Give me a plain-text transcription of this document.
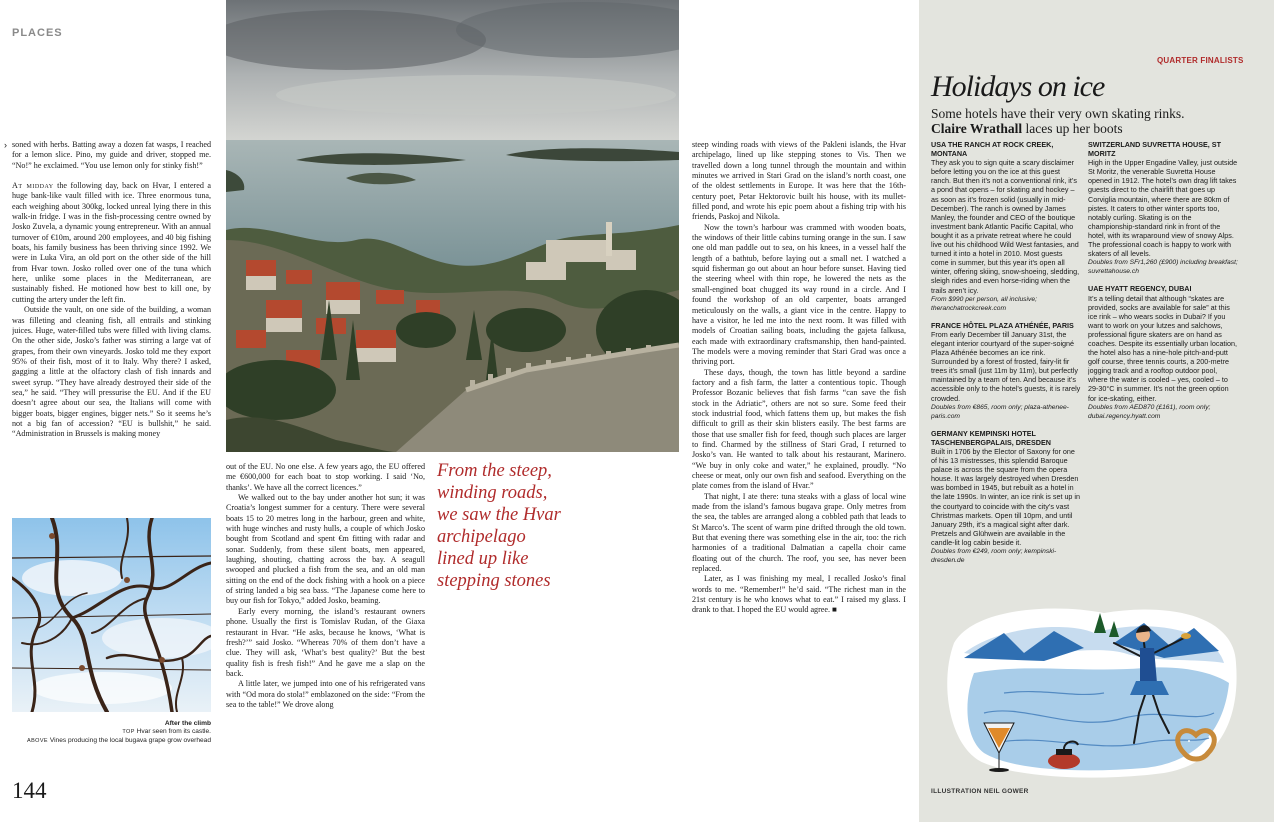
PLACES
› soned with herbs. Batting away a dozen fat wasps, I reached for a lemon slice. Pino, my guide and driver, stopped me. “No!” he exclaimed. “You use lemon only for stinky fish!”

At midday the following day, back on Hvar, I entered a huge bank-like vault filled with ice. Three enormous tuna, each weighing about 300kg, locked unreal lying there in this walk-in fridge. I was in the fish-processing centre owned by Josko Zuvela, a dynamic young entrepreneur. With an annual turnover of €10m, around 200 employees, and 40 big fishing boats, his family business has been thriving since 1992. We were in Luka Vira, an old port on the other side of the hill from Hvar town. Josko rolled over one of the tuna which here, unlike some places in the Mediterranean, are sustainably fished. He motioned how best to kill one, by cutting the artery under the left fin.

Outside the vault, on one side of the building, a woman was filleting and cleaning fish, all entrails and stinking juices. Huge, water-filled tubs were filled with living clams. On the other side, Josko’s father was stirring a large vat of grapes, from their own vineyards. Josko told me they export 95% of their fish, most of it to Italy. Why there? I asked, gagging a little at the olfactory clash of fish innards and sweet syrup. “They have already destroyed their side of the sea,” he said. “They will pressurise the EU. And if the EU doesn’t agree about our sea, the Italians will come with bigger boats, bigger engines, bigger nets.” So it seems he’s not a big fan of accession? “EU is bullshit,” he said. “Administration in Brussels is making money

After the climb
TOP Hvar seen from its castle.
ABOVE Vines producing the local bugava grape grow overhead
144

out of the EU. No one else. A few years ago, the EU offered me €600,000 for each boat to stop working. I said ‘No, thanks’. We have all the correct licences.”

We walked out to the bay under another hot sun; it was Croatia’s longest summer for a century. There were several boats 15 to 20 metres long in the harbour, green and white, with huge winches and rusty hulls, a couple of which Josko bought from Scotland and spent €m fitting with radar and sonar. Suddenly, from these silent boats, men appeared, laughing, shouting, chatting across the bay. A seagull swooped and plucked a fish from the sea, and an old man sitting on the end of the dock fishing with a hook on a piece of string landed a big sea bass. “The Japanese come here to buy our fish for Tokyo,” added Josko, beaming.

Early every morning, the island’s restaurant owners phone. Usually the first is Tomislav Rudan, of the Giaxa restaurant in Hvar. “He asks, because he knows, ‘What is fresh?’” said Josko. “Whereas 70% of them don’t have a clue. They will ask, ‘What’s best quality?’ But the best quality fish is fresh fish!” And he gave me a slap on the back.

A little later, we jumped into one of his refrigerated vans with “Od mora do stola!” emblazoned on the side: “From the sea to the table!” We drove along

From the steep, winding roads, we saw the Hvar archipelago lined up like stepping stones

steep winding roads with views of the Pakleni islands, the Hvar archipelago, lined up like stepping stones to Vis. Then we travelled down a long tunnel through the mountain and within minutes we arrived in Stari Grad on the island’s north coast, one of the oldest settlements in Europe. It was here that the 16th-century poet, Petar Hektorovic built his house, with its mullet-filled pond, and wrote his epic poem about a fishing trip with his friends, Paskoj and Nikola.

Now the town’s harbour was crammed with wooden boats, the windows of their little cabins turning orange in the sun. I saw one old man paddle out to sea, on his knees, in a vessel half the length of a bathtub, before laying out a small net. I watched a squid fisherman go out about an hour before sunset. Having tied the steering wheel with thin rope, he lowered the nets as the small-engined boat chugged its way round in a circle. And I found the workshop of an old carpenter, boats arranged meticulously on the walls, a giant vice in the centre. Happy to have a visitor, he led me into the next room. It was filled with models of Croatian sailing boats, including the gajeta falkusa, each made with extraordinary craftsmanship, then hand-painted. The models were a moving reminder that Stari Grad was once a thriving port.

These days, though, the town has little beyond a sardine factory and a fish farm, the latter a contentious topic. Though Professor Bozanic believes that fish farms “can save the fish stock in the Adriatic”, others are not so sure. Some feed their stock industrial food, which fattens them up, but makes the fish difficult to grill as their skin blisters easily. The best farms are those that use smaller fish for feed, though such places are larger to find. Charmed by the stillness of Stari Grad, I returned to Josko’s van. He wanted to talk about his restaurant, Marinero. “We buy in only coke and water,” he explained, proudly. “No cheese or meat, only our own fish and seafood. Everything on the plate comes from the island of Hvar.”

That night, I ate there: tuna steaks with a glass of local wine made from the island’s famous bugava grape. Only metres from the sea, the tables are arranged along a cobbled path that leads to St Marco’s. The scent of warm pine drifted through the old town. But that evening there was something else in the air, too: the rich harmonies of a traditional Dalmatian a capella choir came floating out of the church. The roof, you see, has never been replaced.

Later, as I was finishing my meal, I recalled Josko’s final words to me. “Remember!” he’d said. “The richest man in the 21st century is he who knows what to eat.” I raised my glass. I drank to that. I hoped the EU would agree. ■

QUARTER FINALISTS
Holidays on ice
Some hotels have their very own skating rinks.
Claire Wrathall laces up her boots
USA THE RANCH AT ROCK CREEK, MONTANA
They ask you to sign quite a scary disclaimer before letting you on the ice at this guest ranch. But then it’s not a conventional rink, it’s a pond that opens – for skating and hockey – as soon as it’s frozen solid (usually in mid-December). The ranch is owned by James Manley, the founder and CEO of the boutique investment bank Atlantic Pacific Capital, who bought it as a private retreat where he could live out his childhood Wild West fantasies, and turned it into a hotel in 2010. Most guests come in summer, but this year it’s open all winter, offering skiing, snow-shoeing, sledding, sleigh rides and even horse-riding when the trails aren’t icy.
From $990 per person, all inclusive; theranchatrockcreek.com
FRANCE HÔTEL PLAZA ATHÉNÉE, PARIS
From early December till January 31st, the elegant interior courtyard of the super-soigné Plaza Athénée becomes an ice rink. Surrounded by a forest of frosted, fairy-lit fir trees it’s small (just 11m by 11m), but perfectly maintained by a team of ten. And because it’s accessible only to the hotel’s guests, it is rarely crowded.
Doubles from €865, room only; plaza-athenee-paris.com
GERMANY KEMPINSKI HOTEL TASCHENBERGPALAIS, DRESDEN
Built in 1706 by the Elector of Saxony for one of his 13 mistresses, this splendid Baroque palace is across the square from the opera house. It was largely destroyed when Dresden was bombed in 1945, but rebuilt as a hotel in the late 1990s. In winter, an ice rink is set up in the courtyard to coincide with the city’s vast Christmas markets. Open till 10pm, and until January 29th, it’s a magical sight after dark. Pretzels and Glühwein are available in the candle-lit log cabin beside it.
Doubles from €249, room only; kempinski-dresden.de
SWITZERLAND SUVRETTA HOUSE, ST MORITZ
High in the Upper Engadine Valley, just outside St Moritz, the venerable Suvretta House opened in 1912. The hotel’s own drag lift takes guests direct to the chairlift that goes up Corviglia mountain, where there are 80km of pistes. It caters to other winter sports too, notably curling. Skating is on the championship-standard rink in front of the hotel, with its wraparound view of snowy Alps. The professional coach is happy to work with skaters of all levels.
Doubles from SFr1,260 (£900) including breakfast; suvrettahouse.ch
UAE HYATT REGENCY, DUBAI
It’s a telling detail that although “skates are provided, socks are available for sale” at this ice rink – who wears socks in Dubai? If you want to work on your lutzes and salchows, professional figure skaters are on hand as coaches. Despite its essentially urban location, the hotel also has a nine-hole pitch-and-putt golf course, three tennis courts, a 200-metre jogging track and a rooftop outdoor pool, where the water is cooled – yes, cooled – to 29-30°C in summer. It’s not the green option for ice-skating, either.
Doubles from AED870 (£161), room only; dubai.regency.hyatt.com
ILLUSTRATION NEIL GOWER
